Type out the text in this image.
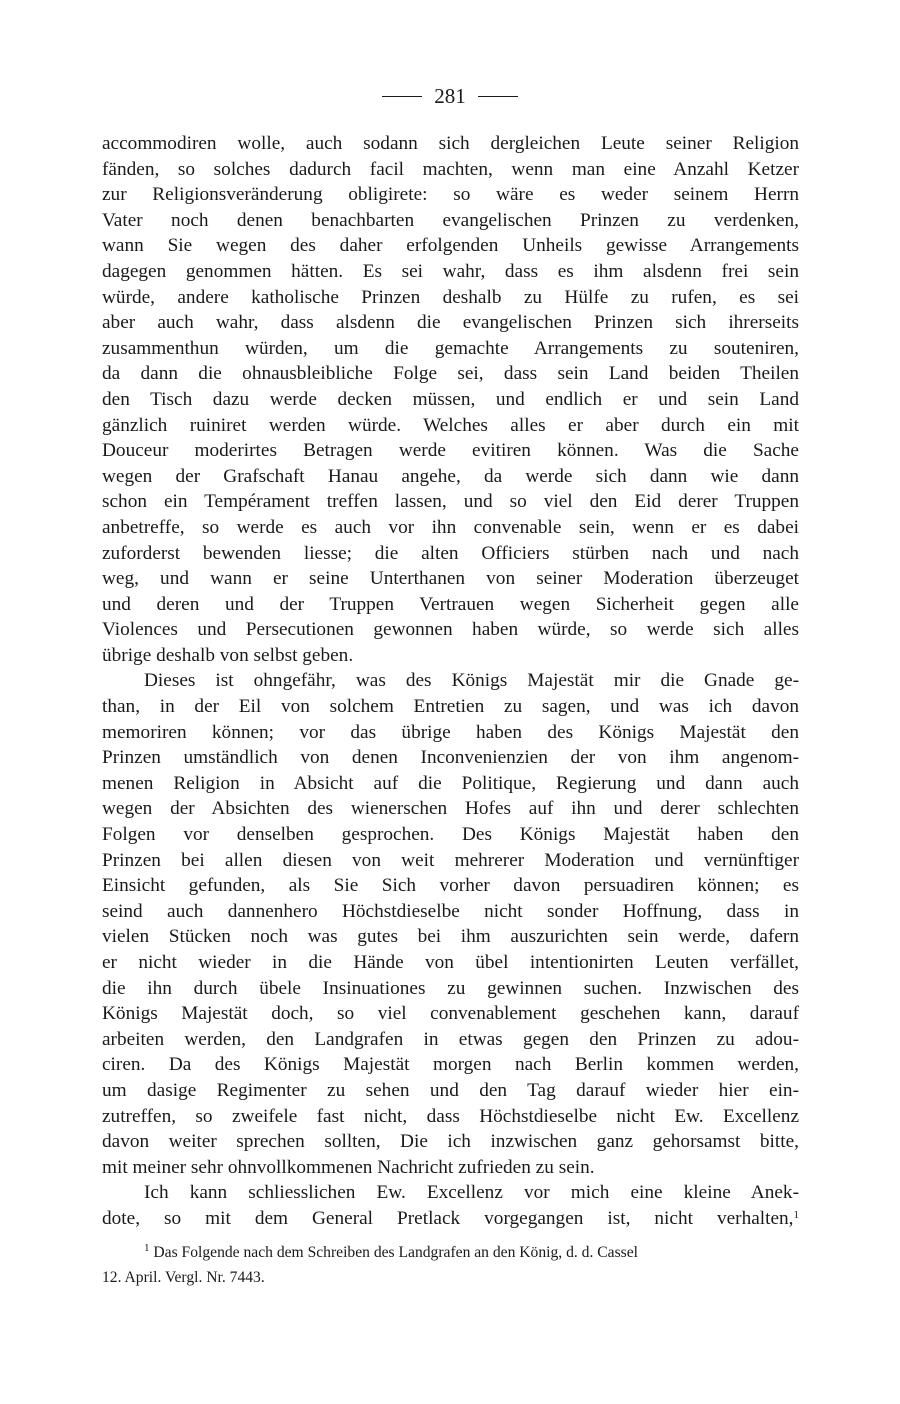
281
accommodiren wolle, auch sodann sich dergleichen Leute seiner Religion
fänden, so solches dadurch facil machten, wenn man eine Anzahl Ketzer
zur Religionsveränderung obligirete: so wäre es weder seinem Herrn
Vater noch denen benachbarten evangelischen Prinzen zu verdenken,
wann Sie wegen des daher erfolgenden Unheils gewisse Arrangements
dagegen genommen hätten. Es sei wahr, dass es ihm alsdenn frei sein
würde, andere katholische Prinzen deshalb zu Hülfe zu rufen, es sei
aber auch wahr, dass alsdenn die evangelischen Prinzen sich ihrerseits
zusammenthun würden, um die gemachte Arrangements zu souteniren,
da dann die ohnausbleibliche Folge sei, dass sein Land beiden Theilen
den Tisch dazu werde decken müssen, und endlich er und sein Land
gänzlich ruiniret werden würde. Welches alles er aber durch ein mit
Douceur moderirtes Betragen werde evitiren können. Was die Sache
wegen der Grafschaft Hanau angehe, da werde sich dann wie dann
schon ein Tempérament treffen lassen, und so viel den Eid derer Truppen
anbetreffe, so werde es auch vor ihn convenable sein, wenn er es dabei
zuforderst bewenden liesse; die alten Officiers stürben nach und nach
weg, und wann er seine Unterthanen von seiner Moderation überzeuget
und deren und der Truppen Vertrauen wegen Sicherheit gegen alle
Violences und Persecutionen gewonnen haben würde, so werde sich alles
übrige deshalb von selbst geben.
Dieses ist ohngefähr, was des Königs Majestät mir die Gnade ge-
than, in der Eil von solchem Entretien zu sagen, und was ich davon
memoriren können; vor das übrige haben des Königs Majestät den
Prinzen umständlich von denen Inconvenienzien der von ihm angenom-
menen Religion in Absicht auf die Politique, Regierung und dann auch
wegen der Absichten des wienerschen Hofes auf ihn und derer schlechten
Folgen vor denselben gesprochen. Des Königs Majestät haben den
Prinzen bei allen diesen von weit mehrerer Moderation und vernünftiger
Einsicht gefunden, als Sie Sich vorher davon persuadiren können; es
seind auch dannenhero Höchstdieselbe nicht sonder Hoffnung, dass in
vielen Stücken noch was gutes bei ihm auszurichten sein werde, dafern
er nicht wieder in die Hände von übel intentionirten Leuten verfället,
die ihn durch übele Insinuationes zu gewinnen suchen. Inzwischen des
Königs Majestät doch, so viel convenablement geschehen kann, darauf
arbeiten werden, den Landgrafen in etwas gegen den Prinzen zu adou-
ciren. Da des Königs Majestät morgen nach Berlin kommen werden,
um dasige Regimenter zu sehen und den Tag darauf wieder hier ein-
zutreffen, so zweifele fast nicht, dass Höchstdieselbe nicht Ew. Excellenz
davon weiter sprechen sollten, Die ich inzwischen ganz gehorsamst bitte,
mit meiner sehr ohnvollkommenen Nachricht zufrieden zu sein.
Ich kann schliesslichen Ew. Excellenz vor mich eine kleine Anek-
dote, so mit dem General Pretlack vorgegangen ist, nicht verhalten,$^1$
$^1$ Das Folgende nach dem Schreiben des Landgrafen an den König, d. d. Cassel
12. April. Vergl. Nr. 7443.
